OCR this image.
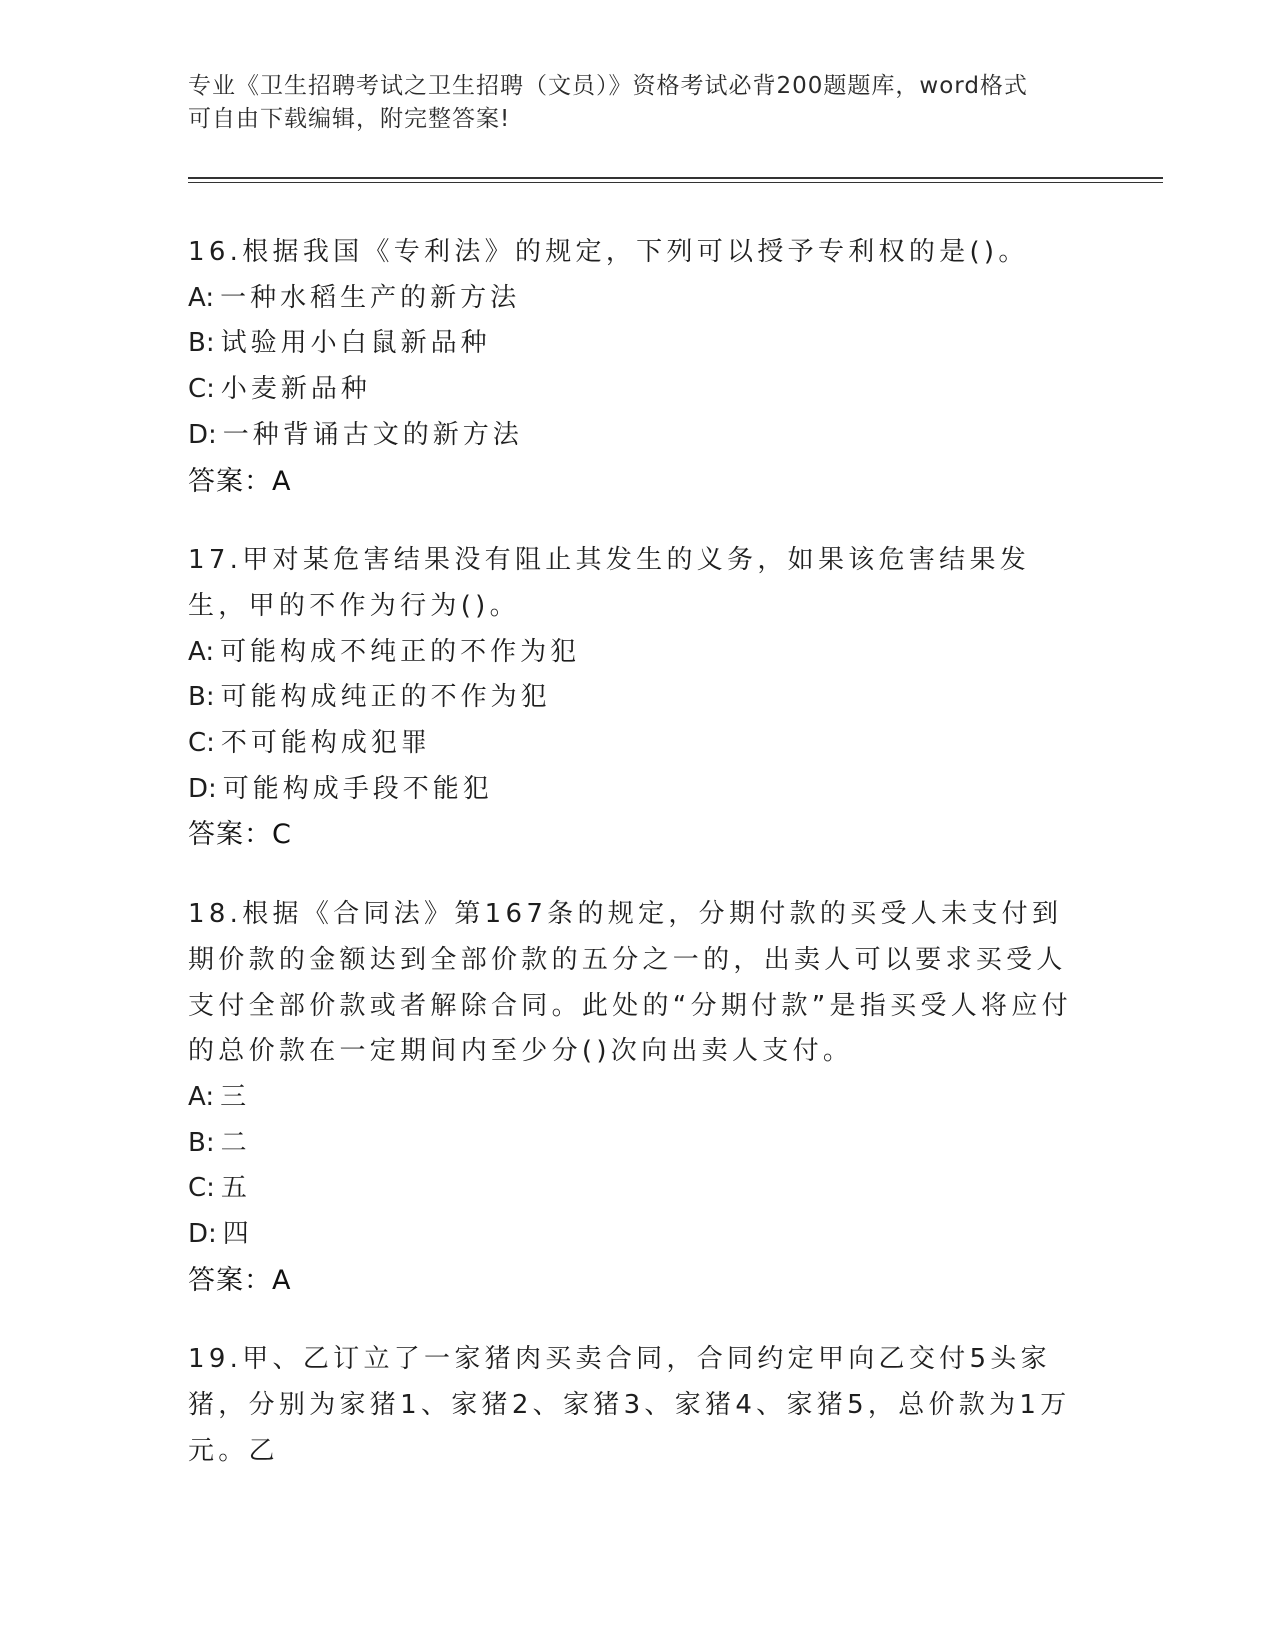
专业《卫生招聘考试之卫生招聘（文员）》资格考试必背200题题库，word格式
可自由下载编辑，附完整答案!

16.根据我国《专利法》的规定，下列可以授予专利权的是()。

A: 一种水稻生产的新方法

B: 试验用小白鼠新品种

C: 小麦新品种

D: 一种背诵古文的新方法

答案：A

17.甲对某危害结果没有阻止其发生的义务，如果该危害结果发生，甲的不作为行为()。

A: 可能构成不纯正的不作为犯

B: 可能构成纯正的不作为犯

C: 不可能构成犯罪

D: 可能构成手段不能犯

答案：C

18.根据《合同法》第167条的规定，分期付款的买受人未支付到期价款的金额达到全部价款的五分之一的，出卖人可以要求买受人支付全部价款或者解除合同。此处的“分期付款”是指买受人将应付的总价款在一定期间内至少分()次向出卖人支付。

A: 三

B: 二

C: 五

D: 四

答案：A

19.甲、乙订立了一家猪肉买卖合同，合同约定甲向乙交付5头家猪，分别为家猪1、家猪2、家猪3、家猪4、家猪5，总价款为1万元。乙
